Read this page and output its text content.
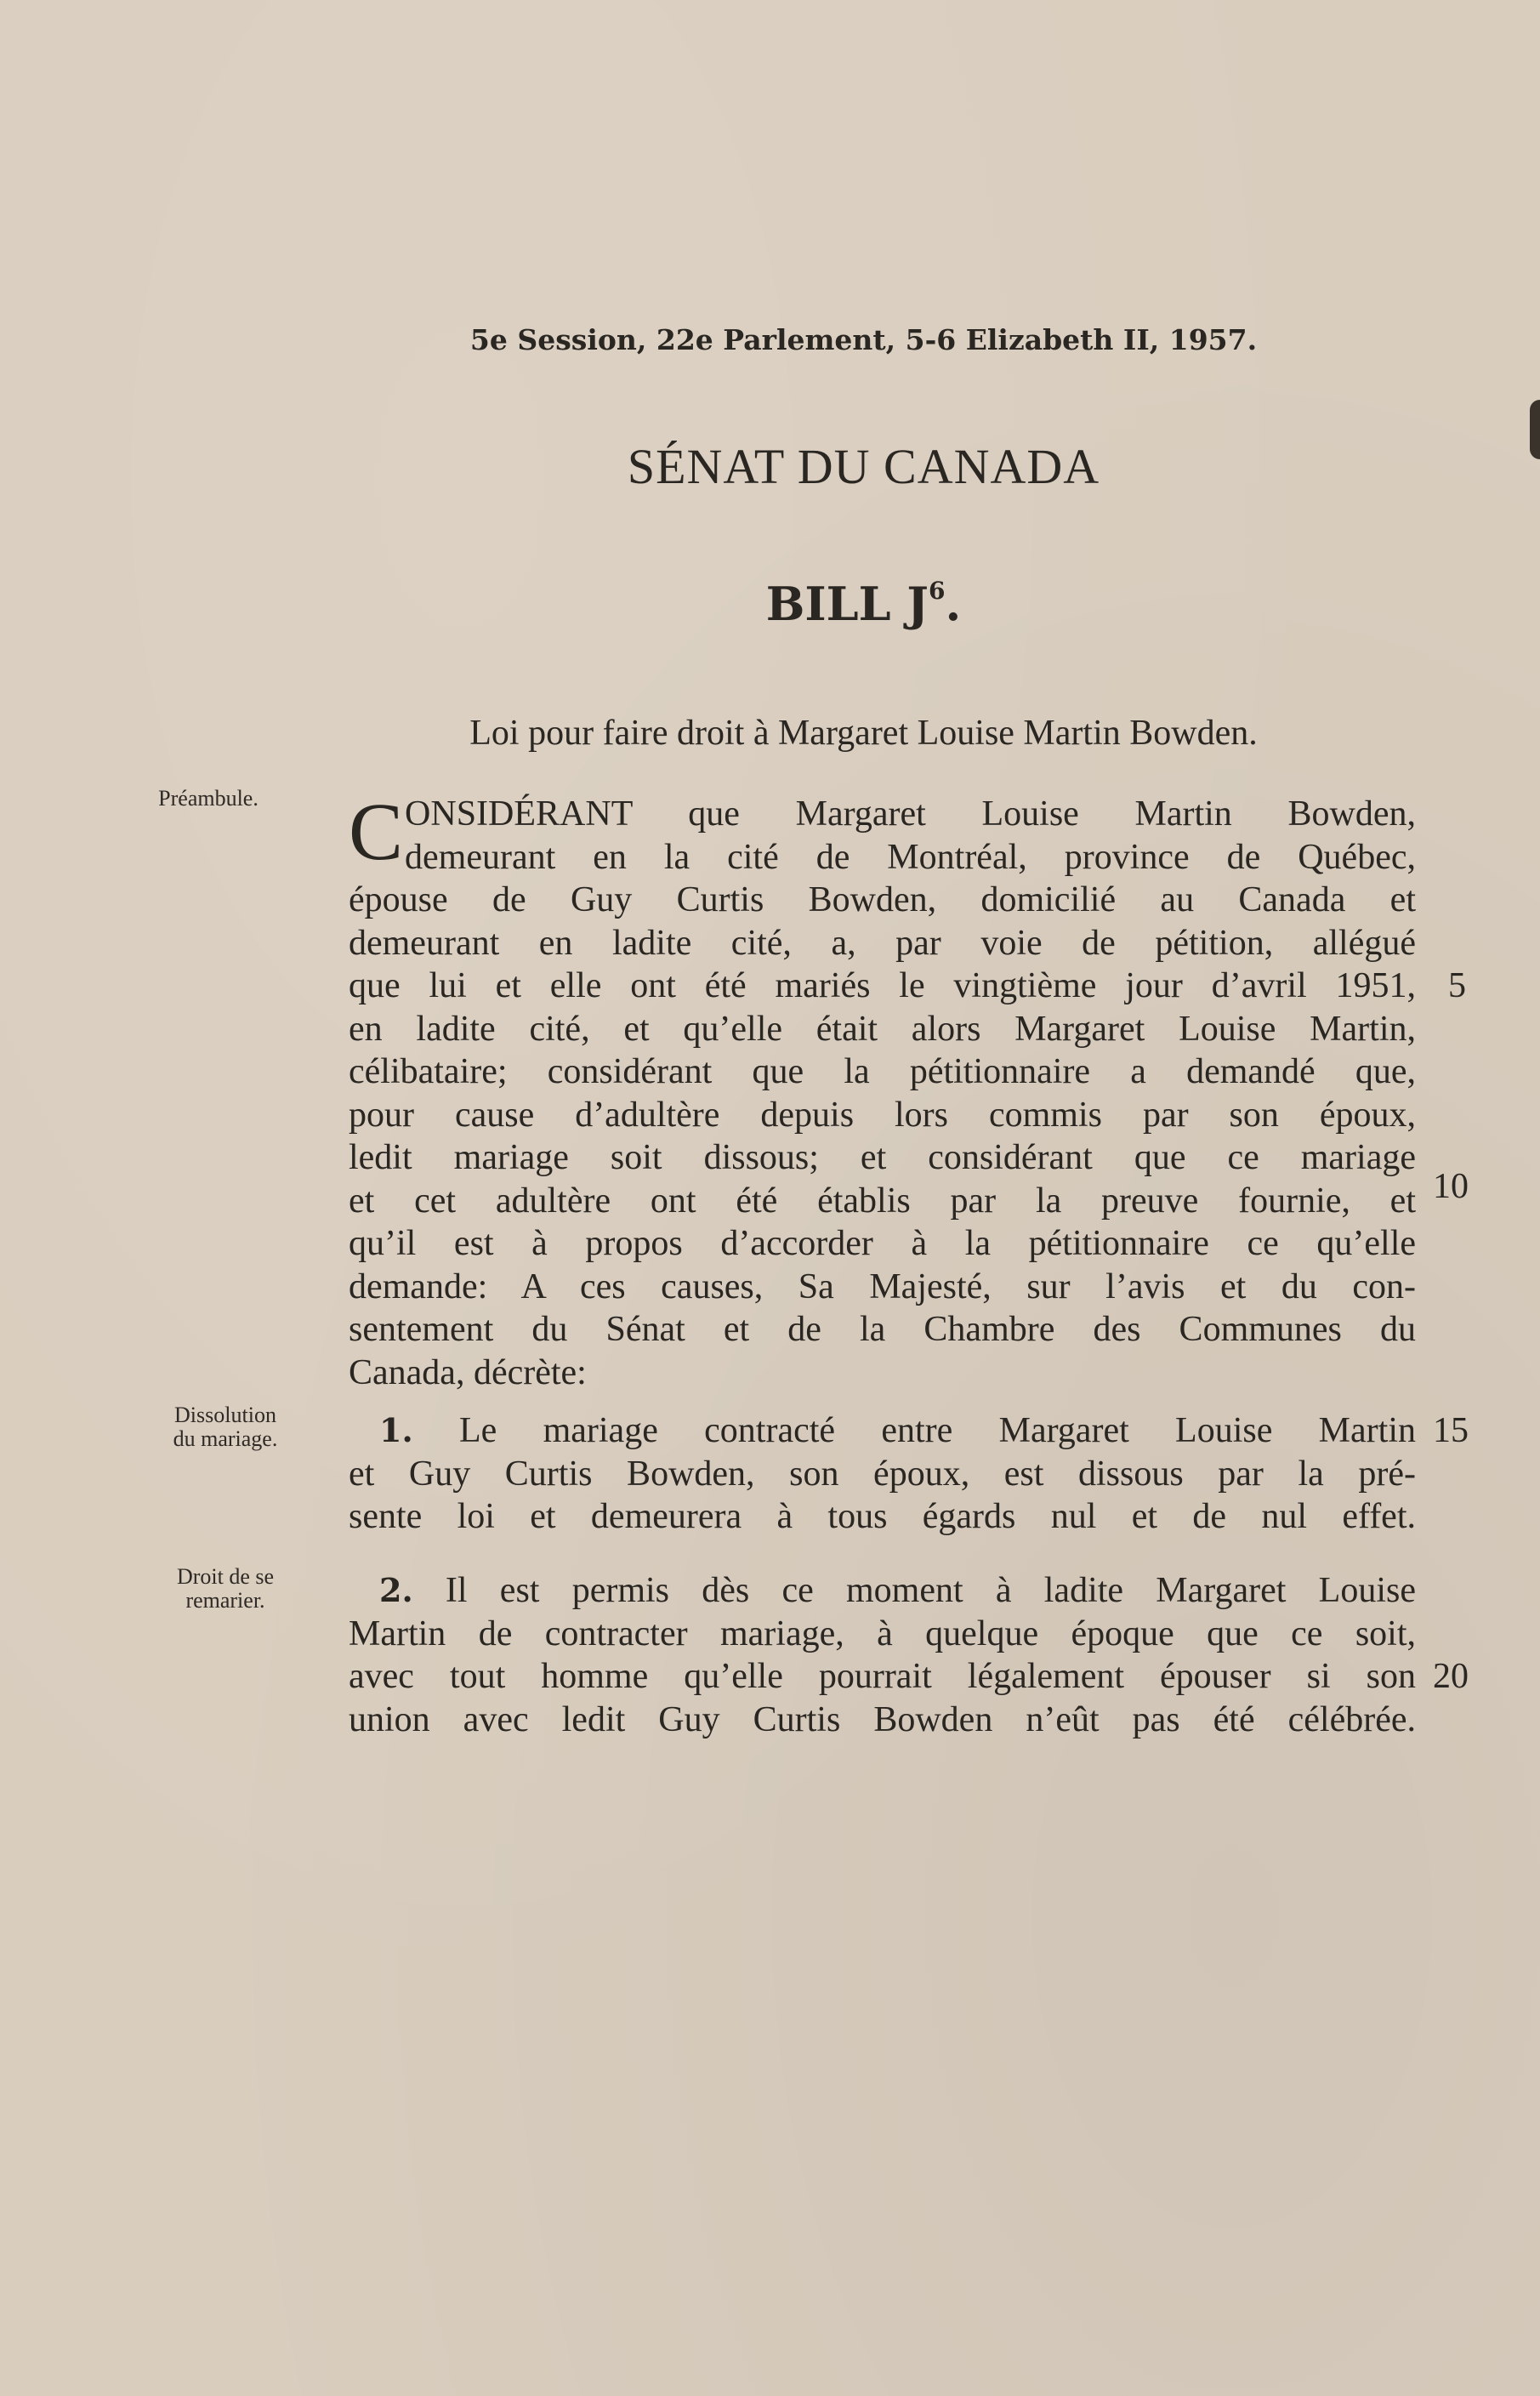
5e Session, 22e Parlement, 5-6 Elizabeth II, 1957.
SÉNAT DU CANADA
BILL $J^6$.
Loi pour faire droit à Margaret Louise Martin Bowden.
Préambule.
Dissolution
du mariage.
Droit de se
remarier.
C ONSIDÉRANT que Margaret Louise Martin Bowden,
demeurant en la cité de Montréal, province de Québec,
épouse de Guy Curtis Bowden, domicilié au Canada et
demeurant en ladite cité, a, par voie de pétition, allégué
que lui et elle ont été mariés le vingtième jour d’avril 1951,
en ladite cité, et qu’elle était alors Margaret Louise Martin,
célibataire; considérant que la pétitionnaire a demandé que,
pour cause d’adultère depuis lors commis par son époux,
ledit mariage soit dissous; et considérant que ce mariage
et cet adultère ont été établis par la preuve fournie, et
qu’il est à propos d’accorder à la pétitionnaire ce qu’elle
demande: A ces causes, Sa Majesté, sur l’avis et du con-
sentement du Sénat et de la Chambre des Communes du
Canada, décrète:
1. Le mariage contracté entre Margaret Louise Martin
et Guy Curtis Bowden, son époux, est dissous par la pré-
sente loi et demeurera à tous égards nul et de nul effet.
2. Il est permis dès ce moment à ladite Margaret Louise
Martin de contracter mariage, à quelque époque que ce soit,
avec tout homme qu’elle pourrait légalement épouser si son
union avec ledit Guy Curtis Bowden n’eût pas été célébrée.
5
10
15
20
